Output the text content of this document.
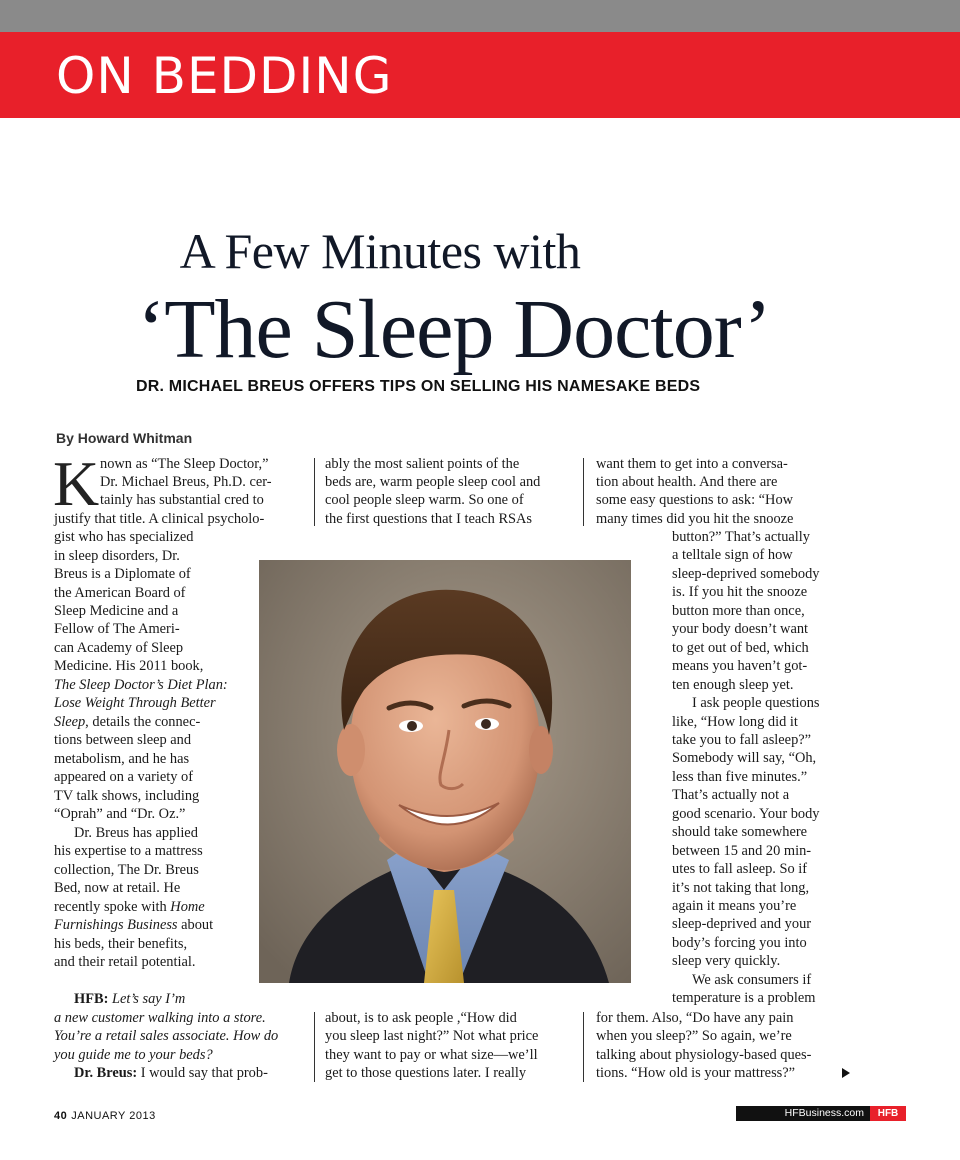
ON BEDDING
A Few Minutes with
‘The Sleep Doctor’
DR. MICHAEL BREUS OFFERS TIPS ON SELLING HIS NAMESAKE BEDS
By Howard Whitman
K nown as “The Sleep Doctor,”
Dr. Michael Breus, Ph.D. cer-
tainly has substantial cred to
justify that title. A clinical psycholo-
gist who has specialized
in sleep disorders, Dr.
Breus is a Diplomate of
the American Board of
Sleep Medicine and a
Fellow of The Ameri-
can Academy of Sleep
Medicine. His 2011 book,
The Sleep Doctor’s Diet Plan:
Lose Weight Through Better
Sleep, details the connec-
tions between sleep and
metabolism, and he has
appeared on a variety of
TV talk shows, including
“Oprah” and “Dr. Oz.”
Dr. Breus has applied
his expertise to a mattress
collection, The Dr. Breus
Bed, now at retail. He
recently spoke with Home
Furnishings Business about
his beds, their benefits,
and their retail potential.
HFB: Let’s say I’m
a new customer walking into a store.
You’re a retail sales associate. How do
you guide me to your beds?
Dr. Breus: I would say that prob-
ably the most salient points of the
beds are, warm people sleep cool and
cool people sleep warm. So one of
the first questions that I teach RSAs
about, is to ask people ,“How did
you sleep last night?” Not what price
they want to pay or what size—we’ll
get to those questions later. I really
want them to get into a conversa-
tion about health. And there are
some easy questions to ask: “How
many times did you hit the snooze
button?” That’s actually
a telltale sign of how
sleep-deprived somebody
is. If you hit the snooze
button more than once,
your body doesn’t want
to get out of bed, which
means you haven’t got-
ten enough sleep yet.
I ask people questions
like, “How long did it
take you to fall asleep?”
Somebody will say, “Oh,
less than five minutes.”
That’s actually not a
good scenario. Your body
should take somewhere
between 15 and 20 min-
utes to fall asleep. So if
it’s not taking that long,
again it means you’re
sleep-deprived and your
body’s forcing you into
sleep very quickly.
We ask consumers if
temperature is a problem
for them. Also, “Do have any pain
when you sleep?” So again, we’re
talking about physiology-based ques-
tions. “How old is your mattress?”
40 JANUARY 2013	HFBusiness.com	HFB
